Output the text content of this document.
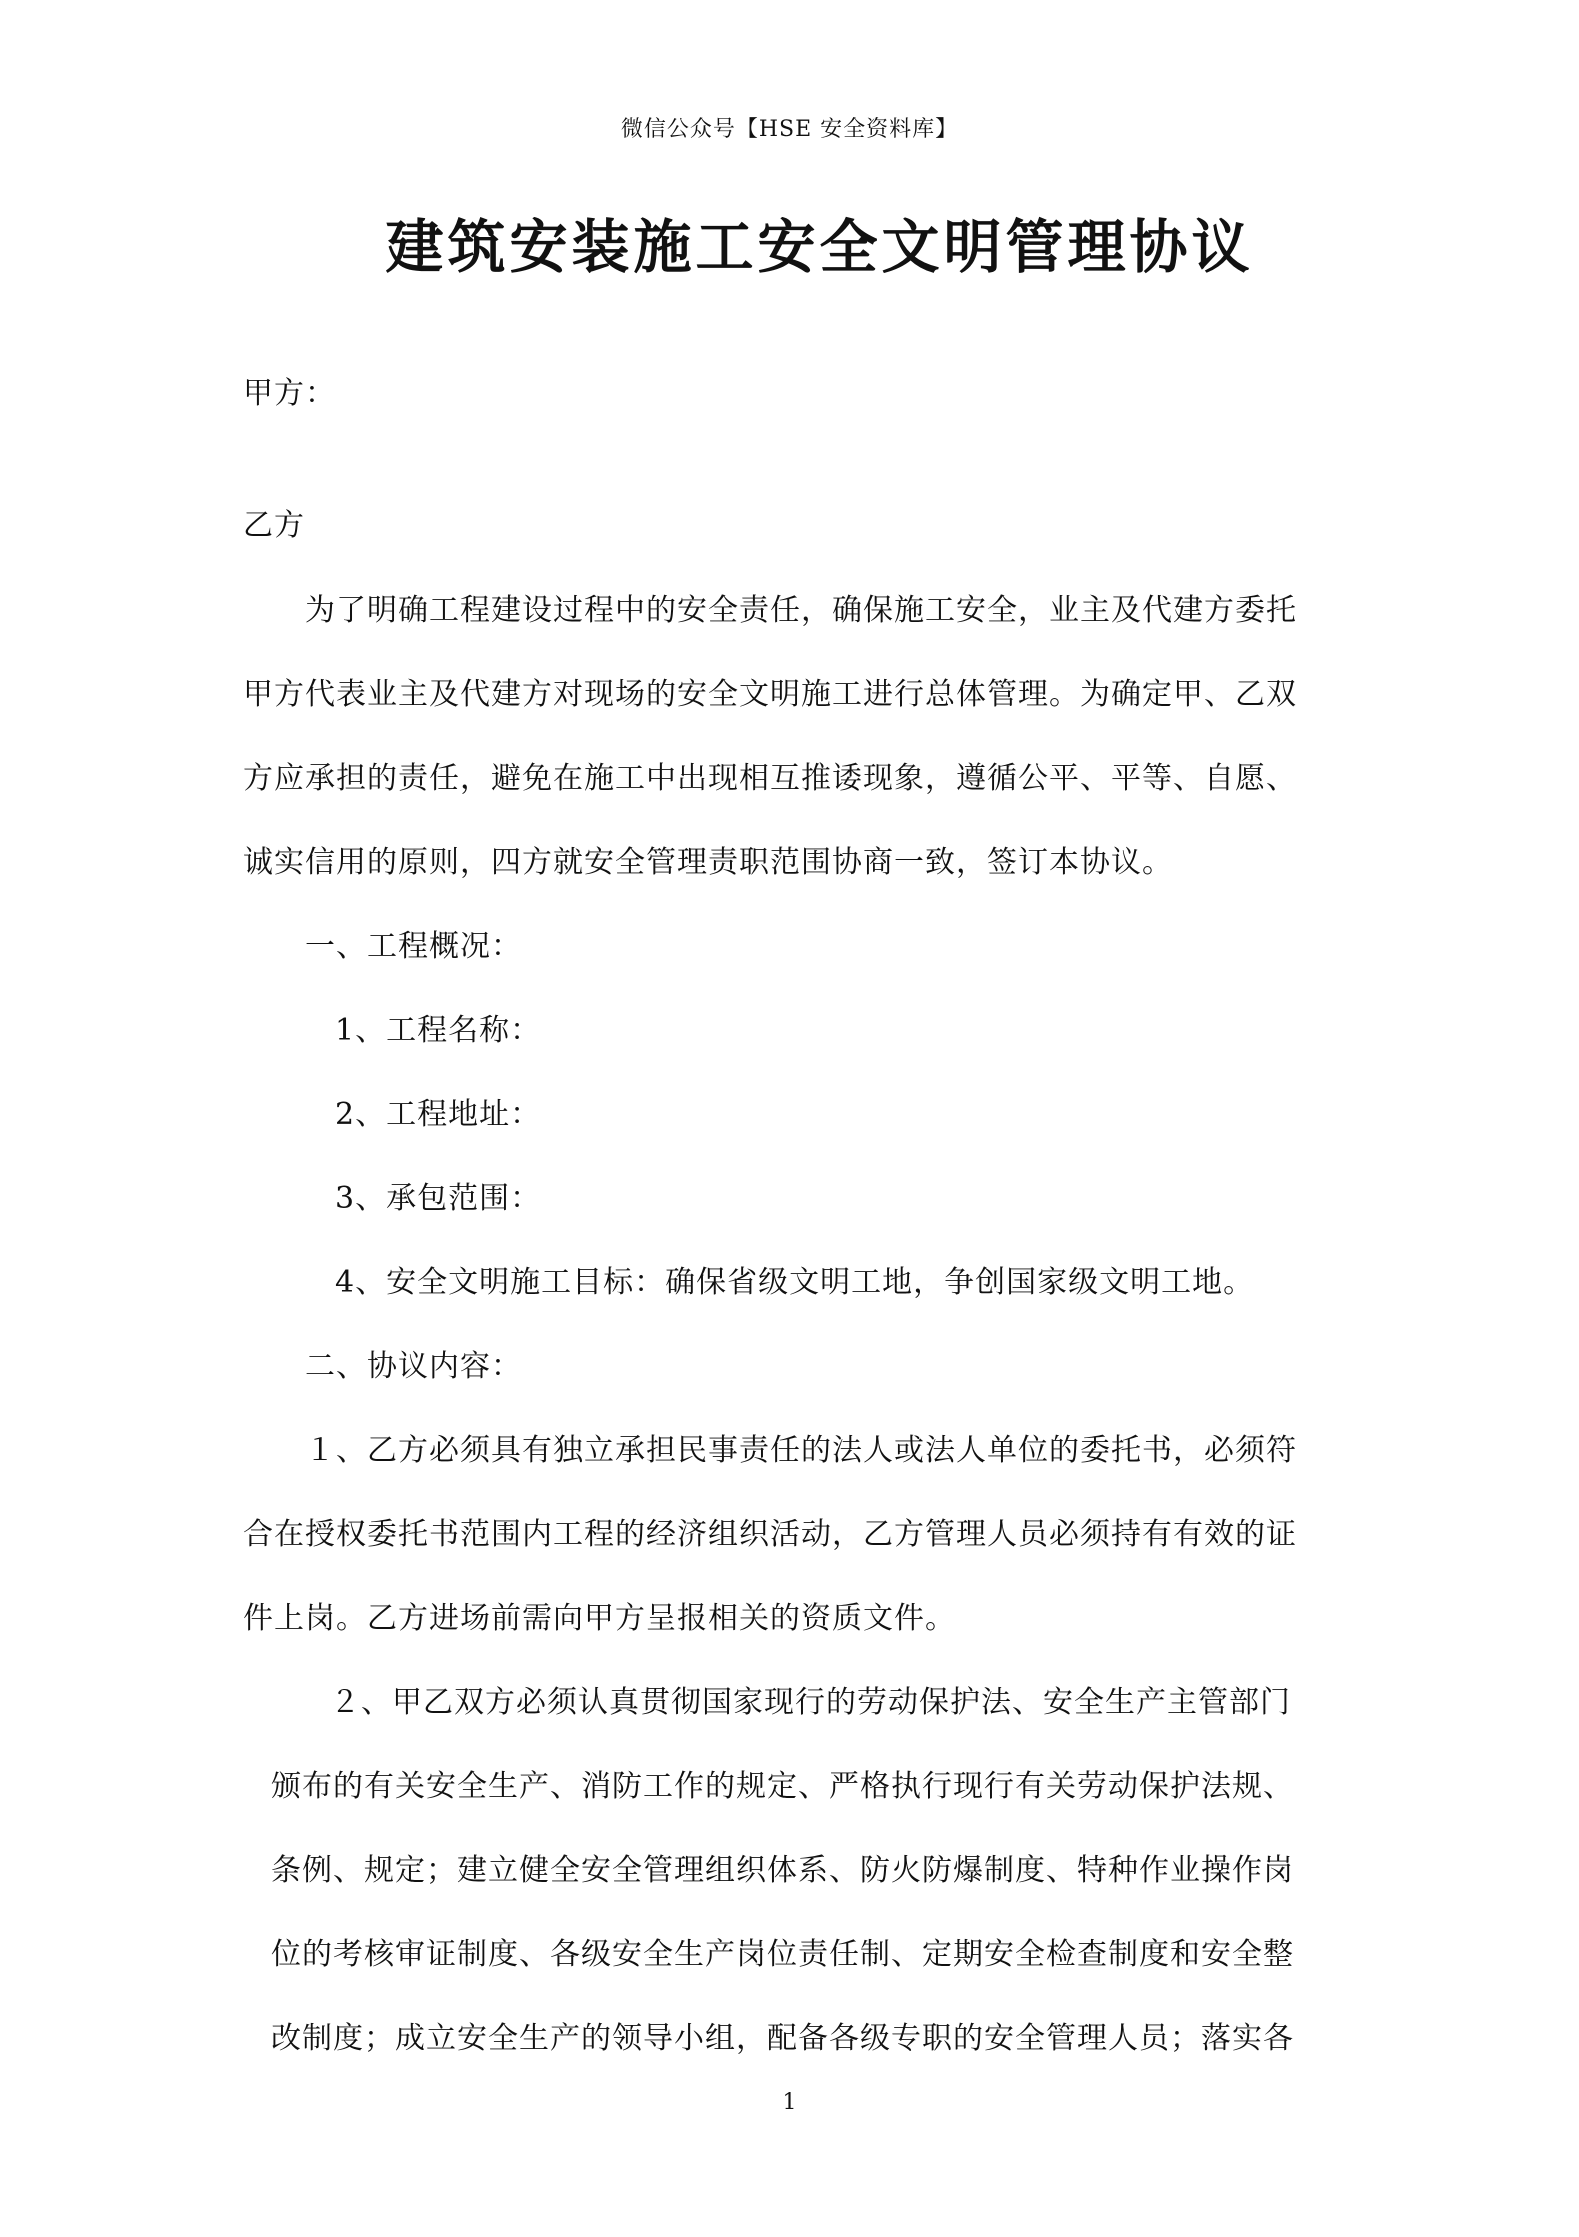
微信公众号【HSE 安全资料库】
建筑安装施工安全文明管理协议
甲方：
乙方
为了明确工程建设过程中的安全责任，确保施工安全，业主及代建方委托
甲方代表业主及代建方对现场的安全文明施工进行总体管理。为确定甲、乙双
方应承担的责任，避免在施工中出现相互推诿现象，遵循公平、平等、自愿、
诚实信用的原则，四方就安全管理责职范围协商一致，签订本协议。
一、工程概况：
1、工程名称：
2、工程地址：
3、承包范围：
4、安全文明施工目标：确保省级文明工地，争创国家级文明工地。
二、协议内容：
１、乙方必须具有独立承担民事责任的法人或法人单位的委托书，必须符
合在授权委托书范围内工程的经济组织活动，乙方管理人员必须持有有效的证
件上岗。乙方进场前需向甲方呈报相关的资质文件。
２、甲乙双方必须认真贯彻国家现行的劳动保护法、安全生产主管部门
颁布的有关安全生产、消防工作的规定、严格执行现行有关劳动保护法规、
条例、规定；建立健全安全管理组织体系、防火防爆制度、特种作业操作岗
位的考核审证制度、各级安全生产岗位责任制、定期安全检查制度和安全整
改制度；成立安全生产的领导小组，配备各级专职的安全管理人员；落实各
1
